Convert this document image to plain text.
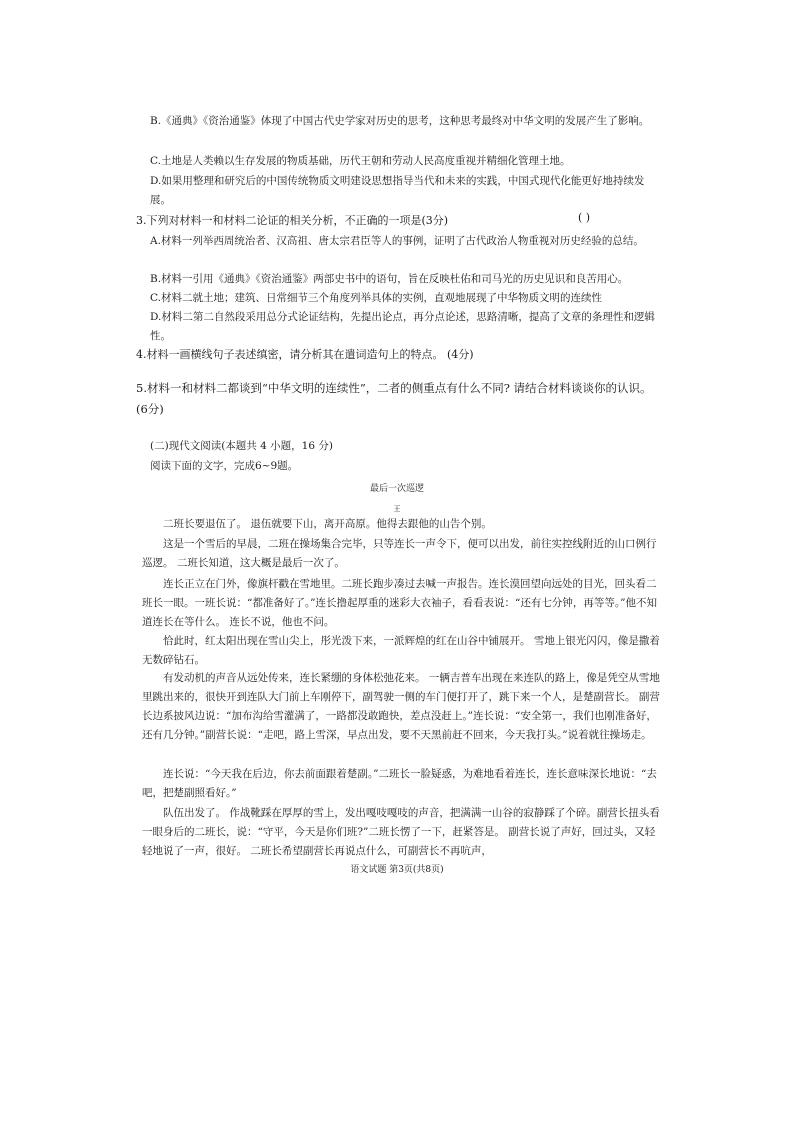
B.《通典》《资治通鉴》体现了中国古代史学家对历史的思考，这种思考最终对中华文明的发展产生了影响。
C.土地是人类赖以生存发展的物质基础，历代王朝和劳动人民高度重视并精细化管理土地。
D.如果用整理和研究后的中国传统物质文明建设思想指导当代和未来的实践，中国式现代化能更好地持续发展。
3.下列对材料一和材料二论证的相关分析，不正确的一项是(3分)	( )
A.材料一列举西周统治者、汉高祖、唐太宗君臣等人的事例，证明了古代政治人物重视对历史经验的总结。
B.材料一引用《通典》《资治通鉴》两部史书中的语句，旨在反映杜佑和司马光的历史见识和良苦用心。
C.材料二就土地；建筑、日常细节三个角度列举具体的实例，直观地展现了中华物质文明的连续性
D.材料二第二自然段采用总分式论证结构，先提出论点，再分点论述，思路清晰，提高了文章的条理性和逻辑性。
4.材料一画横线句子表述缜密，请分析其在遣词造句上的特点。 (4分)
5.材料一和材料二都谈到“中华文明的连续性”，二者的侧重点有什么不同? 请结合材料谈谈你的认识。 (6分)
(二)现代文阅读(本题共 4 小题，16 分)
阅读下面的文字，完成6~9题。
最后一次巡逻
王
二班长要退伍了。 退伍就要下山，离开高原。他得去跟他的山告个别。
这是一个雪后的早晨，二班在操场集合完毕，只等连长一声令下，便可以出发，前往实控线附近的山口例行巡逻。 二班长知道，这大概是最后一次了。
连长正立在门外，像旗杆戳在雪地里。二班长跑步凑过去喊一声报告。连长漠回望向远处的目光，回头看二班长一眼。一班长说：“都准备好了。”连长撸起厚重的迷彩大衣袖子，看看表说：“还有七分钟，再等等。”他不知道连长在等什么。 连长不说，他也不问。
恰此时，红太阳出现在雪山尖上，彤光泼下来，一派辉煌的红在山谷中铺展开。 雪地上银光闪闪，像是撒着无数碎钻石。
有发动机的声音从远处传来，连长紧绷的身体松弛花来。 一辆吉普车出现在来连队的路上，像是凭空从雪地里跳出来的，很快开到连队大门前上车刚停下，副驾驶一侧的车门便打开了，跳下来一个人，是楚副营长。 副营长边系披风边说：“加布沟给雪灌满了，一路都没敢跑快，差点没赶上。”连长说：“安全第一，我们也刚准备好，还有几分钟。”副营长说：“走吧，路上雪深，早点出发，要不天黑前赶不回来，今天我打头。”说着就往操场走。
连长说：“今天我在后边，你去前面跟着楚副。”二班长一脸疑惑，为难地看着连长，连长意味深长地说：“去吧，把楚副照看好。”
队伍出发了。 作战靴踩在厚厚的雪上，发出嘎吱嘎吱的声音，把满满一山谷的寂静踩了个碎。副营长扭头看一眼身后的二班长，说：“守平，今天是你们班?”二班长愣了一下，赶紧答是。 副营长说了声好，回过头，又轻轻地说了一声，很好。 二班长希望副营长再说点什么，可副营长不再吭声，
语文试题 第3页(共8页)
